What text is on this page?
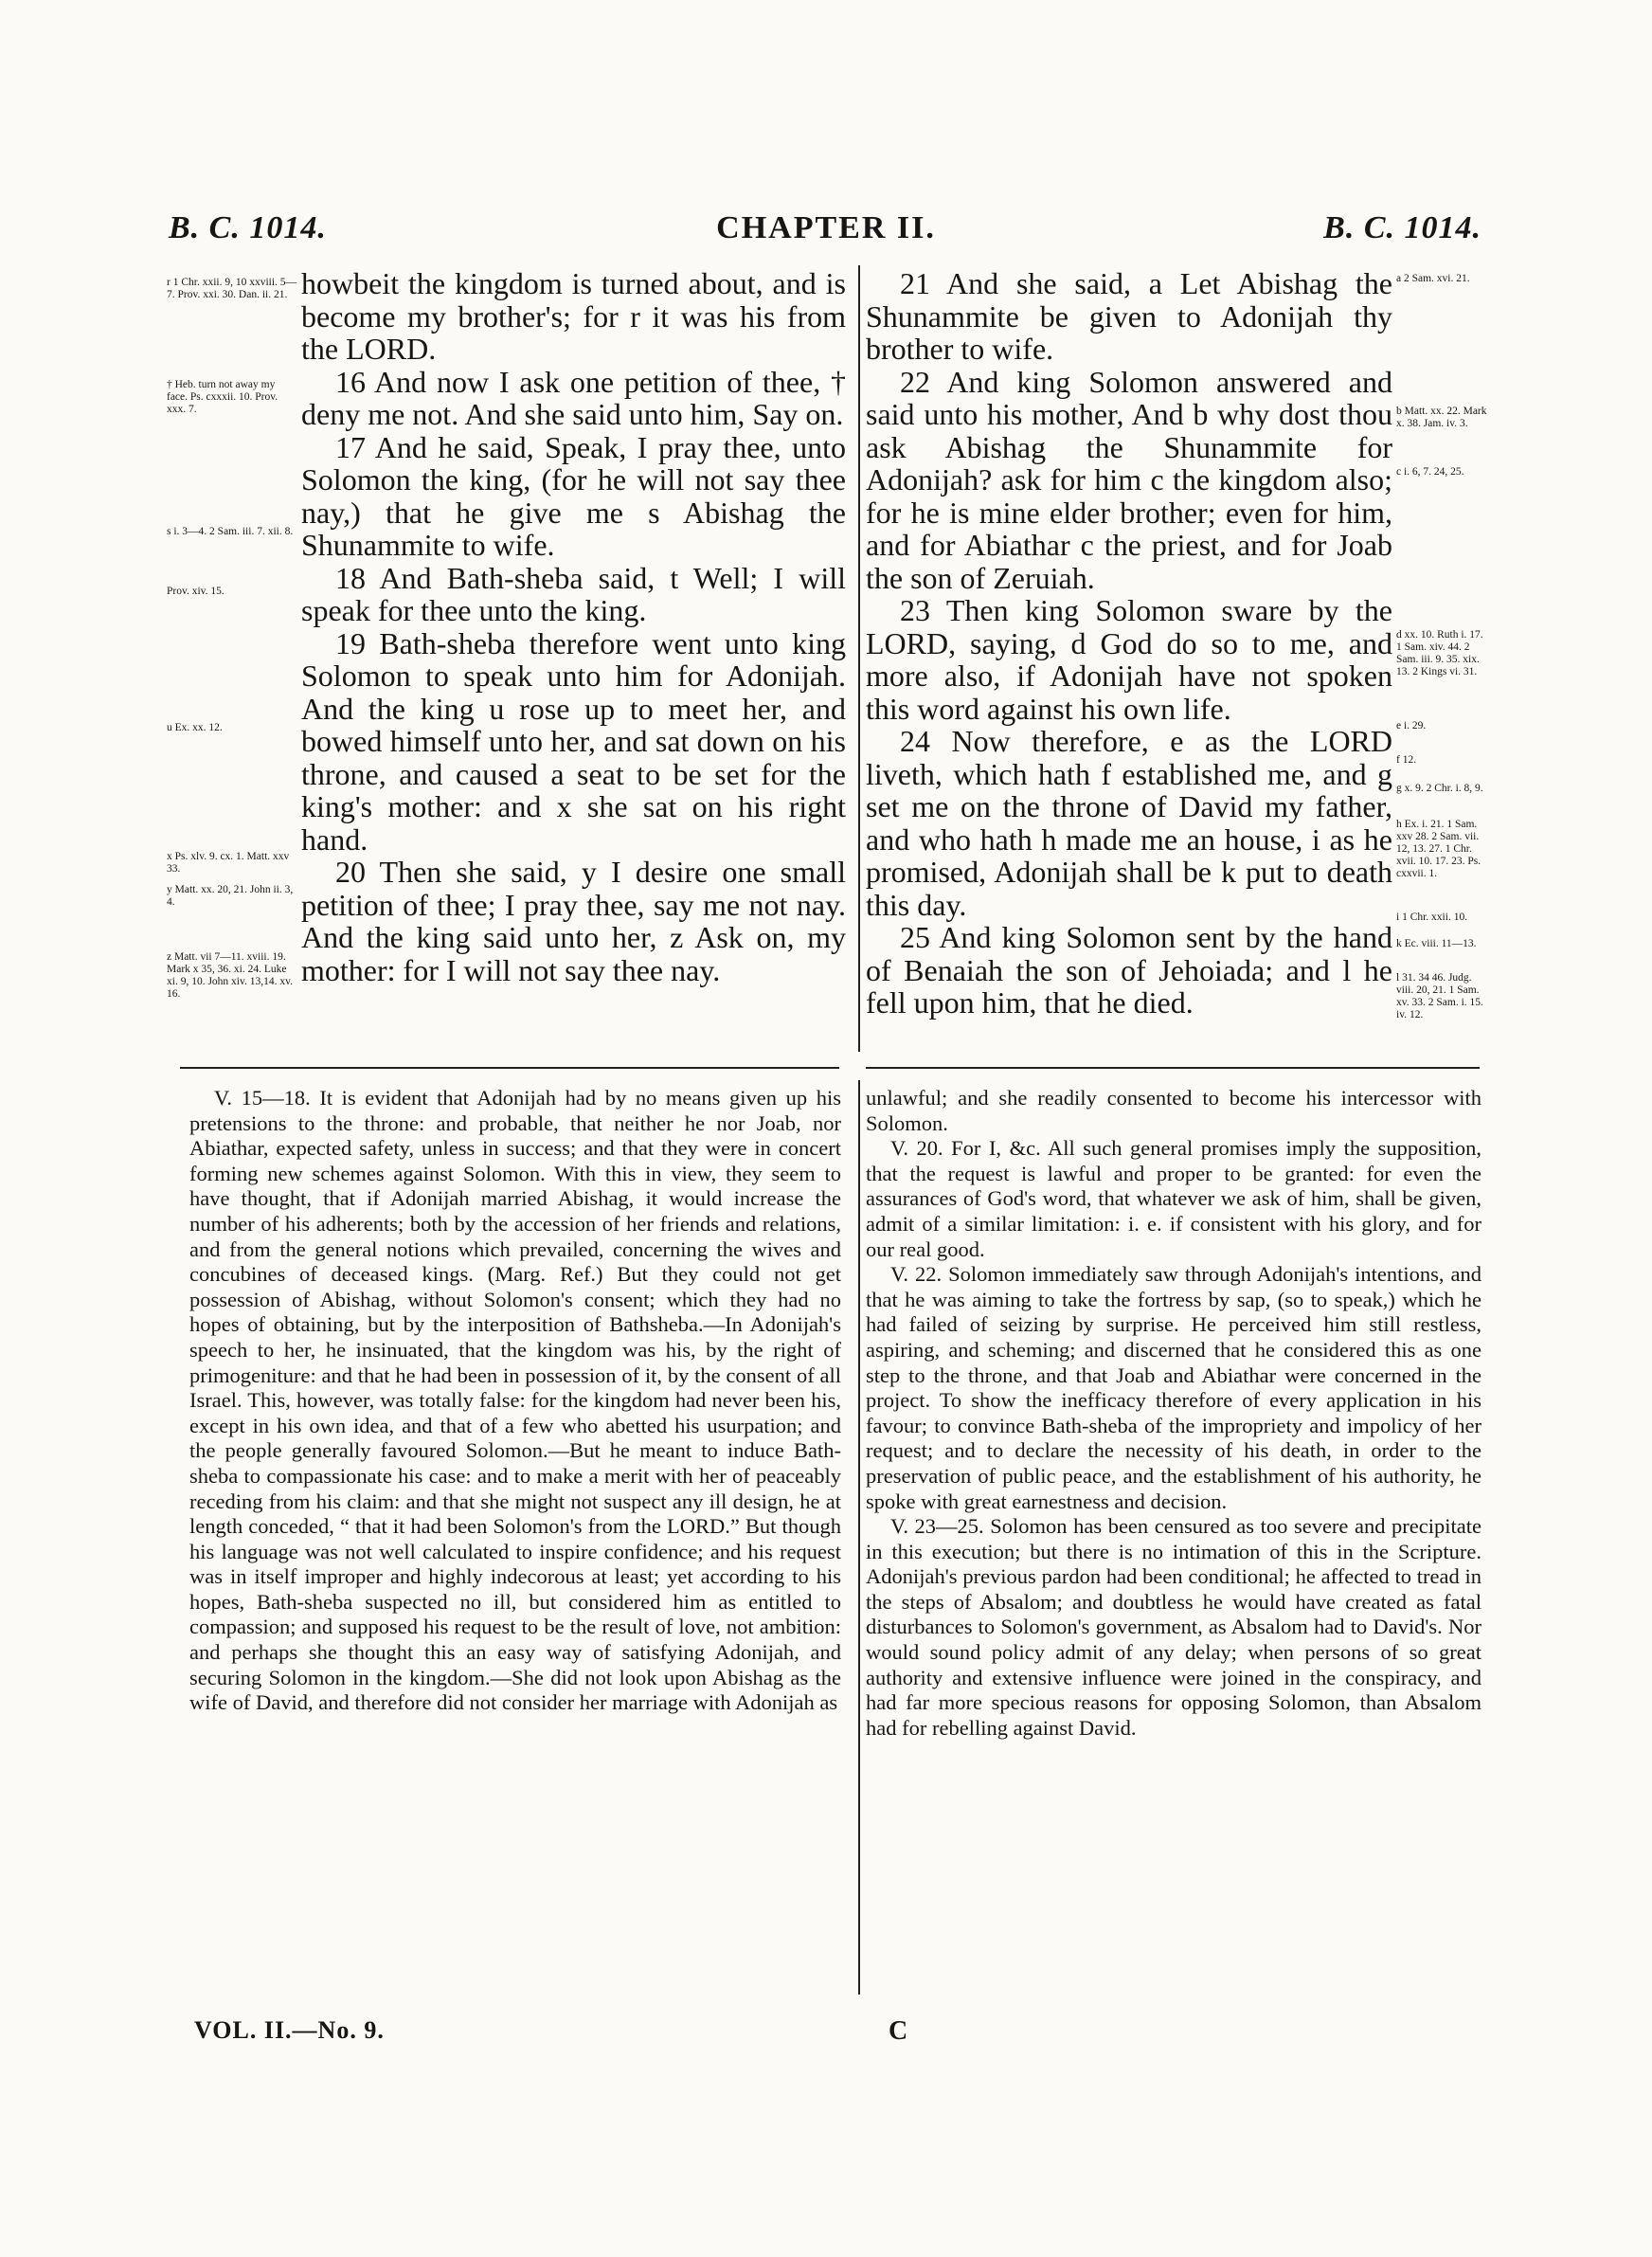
B. C. 1014.	CHAPTER II.	B. C. 1014.
r 1 Chr. xxii. 9, 10 xxviii. 5—7. Prov. xxi. 30. Dan. ii. 21.
† Heb. turn not away my face. Ps. cxxxii. 10. Prov. xxx. 7.
s i. 3—4. 2 Sam. iii. 7. xii. 8.
Prov. xiv. 15.
u Ex. xx. 12.
x Ps. xlv. 9. cx. 1. Matt. xxv 33.
y Matt. xx. 20, 21. John ii. 3, 4.
z Matt. vii 7—11. xviii. 19. Mark x 35, 36. xi. 24. Luke xi. 9, 10. John xiv. 13,14. xv. 16.

howbeit the kingdom is turned about, and is become my brother's; for r it was his from the LORD.

16 And now I ask one petition of thee, † deny me not. And she said unto him, Say on.

17 And he said, Speak, I pray thee, unto Solomon the king, (for he will not say thee nay,) that he give me s Abishag the Shunammite to wife.

18 And Bath-sheba said, t Well; I will speak for thee unto the king.

19 Bath-sheba therefore went unto king Solomon to speak unto him for Adonijah. And the king u rose up to meet her, and bowed himself unto her, and sat down on his throne, and caused a seat to be set for the king's mother: and x she sat on his right hand.

20 Then she said, y I desire one small petition of thee; I pray thee, say me not nay. And the king said unto her, z Ask on, my mother: for I will not say thee nay.

21 And she said, a Let Abishag the Shunammite be given to Adonijah thy brother to wife.

22 And king Solomon answered and said unto his mother, And b why dost thou ask Abishag the Shunammite for Adonijah? ask for him c the kingdom also; for he is mine elder brother; even for him, and for Abiathar c the priest, and for Joab the son of Zeruiah.

23 Then king Solomon sware by the LORD, saying, d God do so to me, and more also, if Adonijah have not spoken this word against his own life.

24 Now therefore, e as the LORD liveth, which hath f established me, and g set me on the throne of David my father, and who hath h made me an house, i as he promised, Adonijah shall be k put to death this day.

25 And king Solomon sent by the hand of Benaiah the son of Jehoiada; and l he fell upon him, that he died.

a 2 Sam. xvi. 21.
b Matt. xx. 22. Mark x. 38. Jam. iv. 3.
c i. 6, 7. 24, 25.
d xx. 10. Ruth i. 17. 1 Sam. xiv. 44. 2 Sam. iii. 9. 35. xix. 13. 2 Kings vi. 31.
e i. 29.
f 12.
g x. 9. 2 Chr. i. 8, 9.
h Ex. i. 21. 1 Sam. xxv 28. 2 Sam. vii. 12, 13. 27. 1 Chr. xvii. 10. 17. 23. Ps. cxxvii. 1.
i 1 Chr. xxii. 10.
k Ec. viii. 11—13.
l 31. 34 46. Judg. viii. 20, 21. 1 Sam. xv. 33. 2 Sam. i. 15. iv. 12.

V. 15—18. It is evident that Adonijah had by no means given up his pretensions to the throne: and probable, that neither he nor Joab, nor Abiathar, expected safety, unless in success; and that they were in concert forming new schemes against Solomon. With this in view, they seem to have thought, that if Adonijah married Abishag, it would increase the number of his adherents; both by the accession of her friends and relations, and from the general notions which prevailed, concerning the wives and concubines of deceased kings. (Marg. Ref.) But they could not get possession of Abishag, without Solomon's consent; which they had no hopes of obtaining, but by the interposition of Bathsheba.—In Adonijah's speech to her, he insinuated, that the kingdom was his, by the right of primogeniture: and that he had been in possession of it, by the consent of all Israel. This, however, was totally false: for the kingdom had never been his, except in his own idea, and that of a few who abetted his usurpation; and the people generally favoured Solomon.—But he meant to induce Bath-sheba to compassionate his case: and to make a merit with her of peaceably receding from his claim: and that she might not suspect any ill design, he at length conceded, “ that it had been Solomon's from the LORD.” But though his language was not well calculated to inspire confidence; and his request was in itself improper and highly indecorous at least; yet according to his hopes, Bath-sheba suspected no ill, but considered him as entitled to compassion; and supposed his request to be the result of love, not ambition: and perhaps she thought this an easy way of satisfying Adonijah, and securing Solomon in the kingdom.—She did not look upon Abishag as the wife of David, and therefore did not consider her marriage with Adonijah as

unlawful; and she readily consented to become his intercessor with Solomon.

V. 20. For I, &c. All such general promises imply the supposition, that the request is lawful and proper to be granted: for even the assurances of God's word, that whatever we ask of him, shall be given, admit of a similar limitation: i. e. if consistent with his glory, and for our real good.

V. 22. Solomon immediately saw through Adonijah's intentions, and that he was aiming to take the fortress by sap, (so to speak,) which he had failed of seizing by surprise. He perceived him still restless, aspiring, and scheming; and discerned that he considered this as one step to the throne, and that Joab and Abiathar were concerned in the project. To show the inefficacy therefore of every application in his favour; to convince Bath-sheba of the impropriety and impolicy of her request; and to declare the necessity of his death, in order to the preservation of public peace, and the establishment of his authority, he spoke with great earnestness and decision.

V. 23—25. Solomon has been censured as too severe and precipitate in this execution; but there is no intimation of this in the Scripture. Adonijah's previous pardon had been conditional; he affected to tread in the steps of Absalom; and doubtless he would have created as fatal disturbances to Solomon's government, as Absalom had to David's. Nor would sound policy admit of any delay; when persons of so great authority and extensive influence were joined in the conspiracy, and had far more specious reasons for opposing Solomon, than Absalom had for rebelling against David.

VOL. II.—No. 9.	C
